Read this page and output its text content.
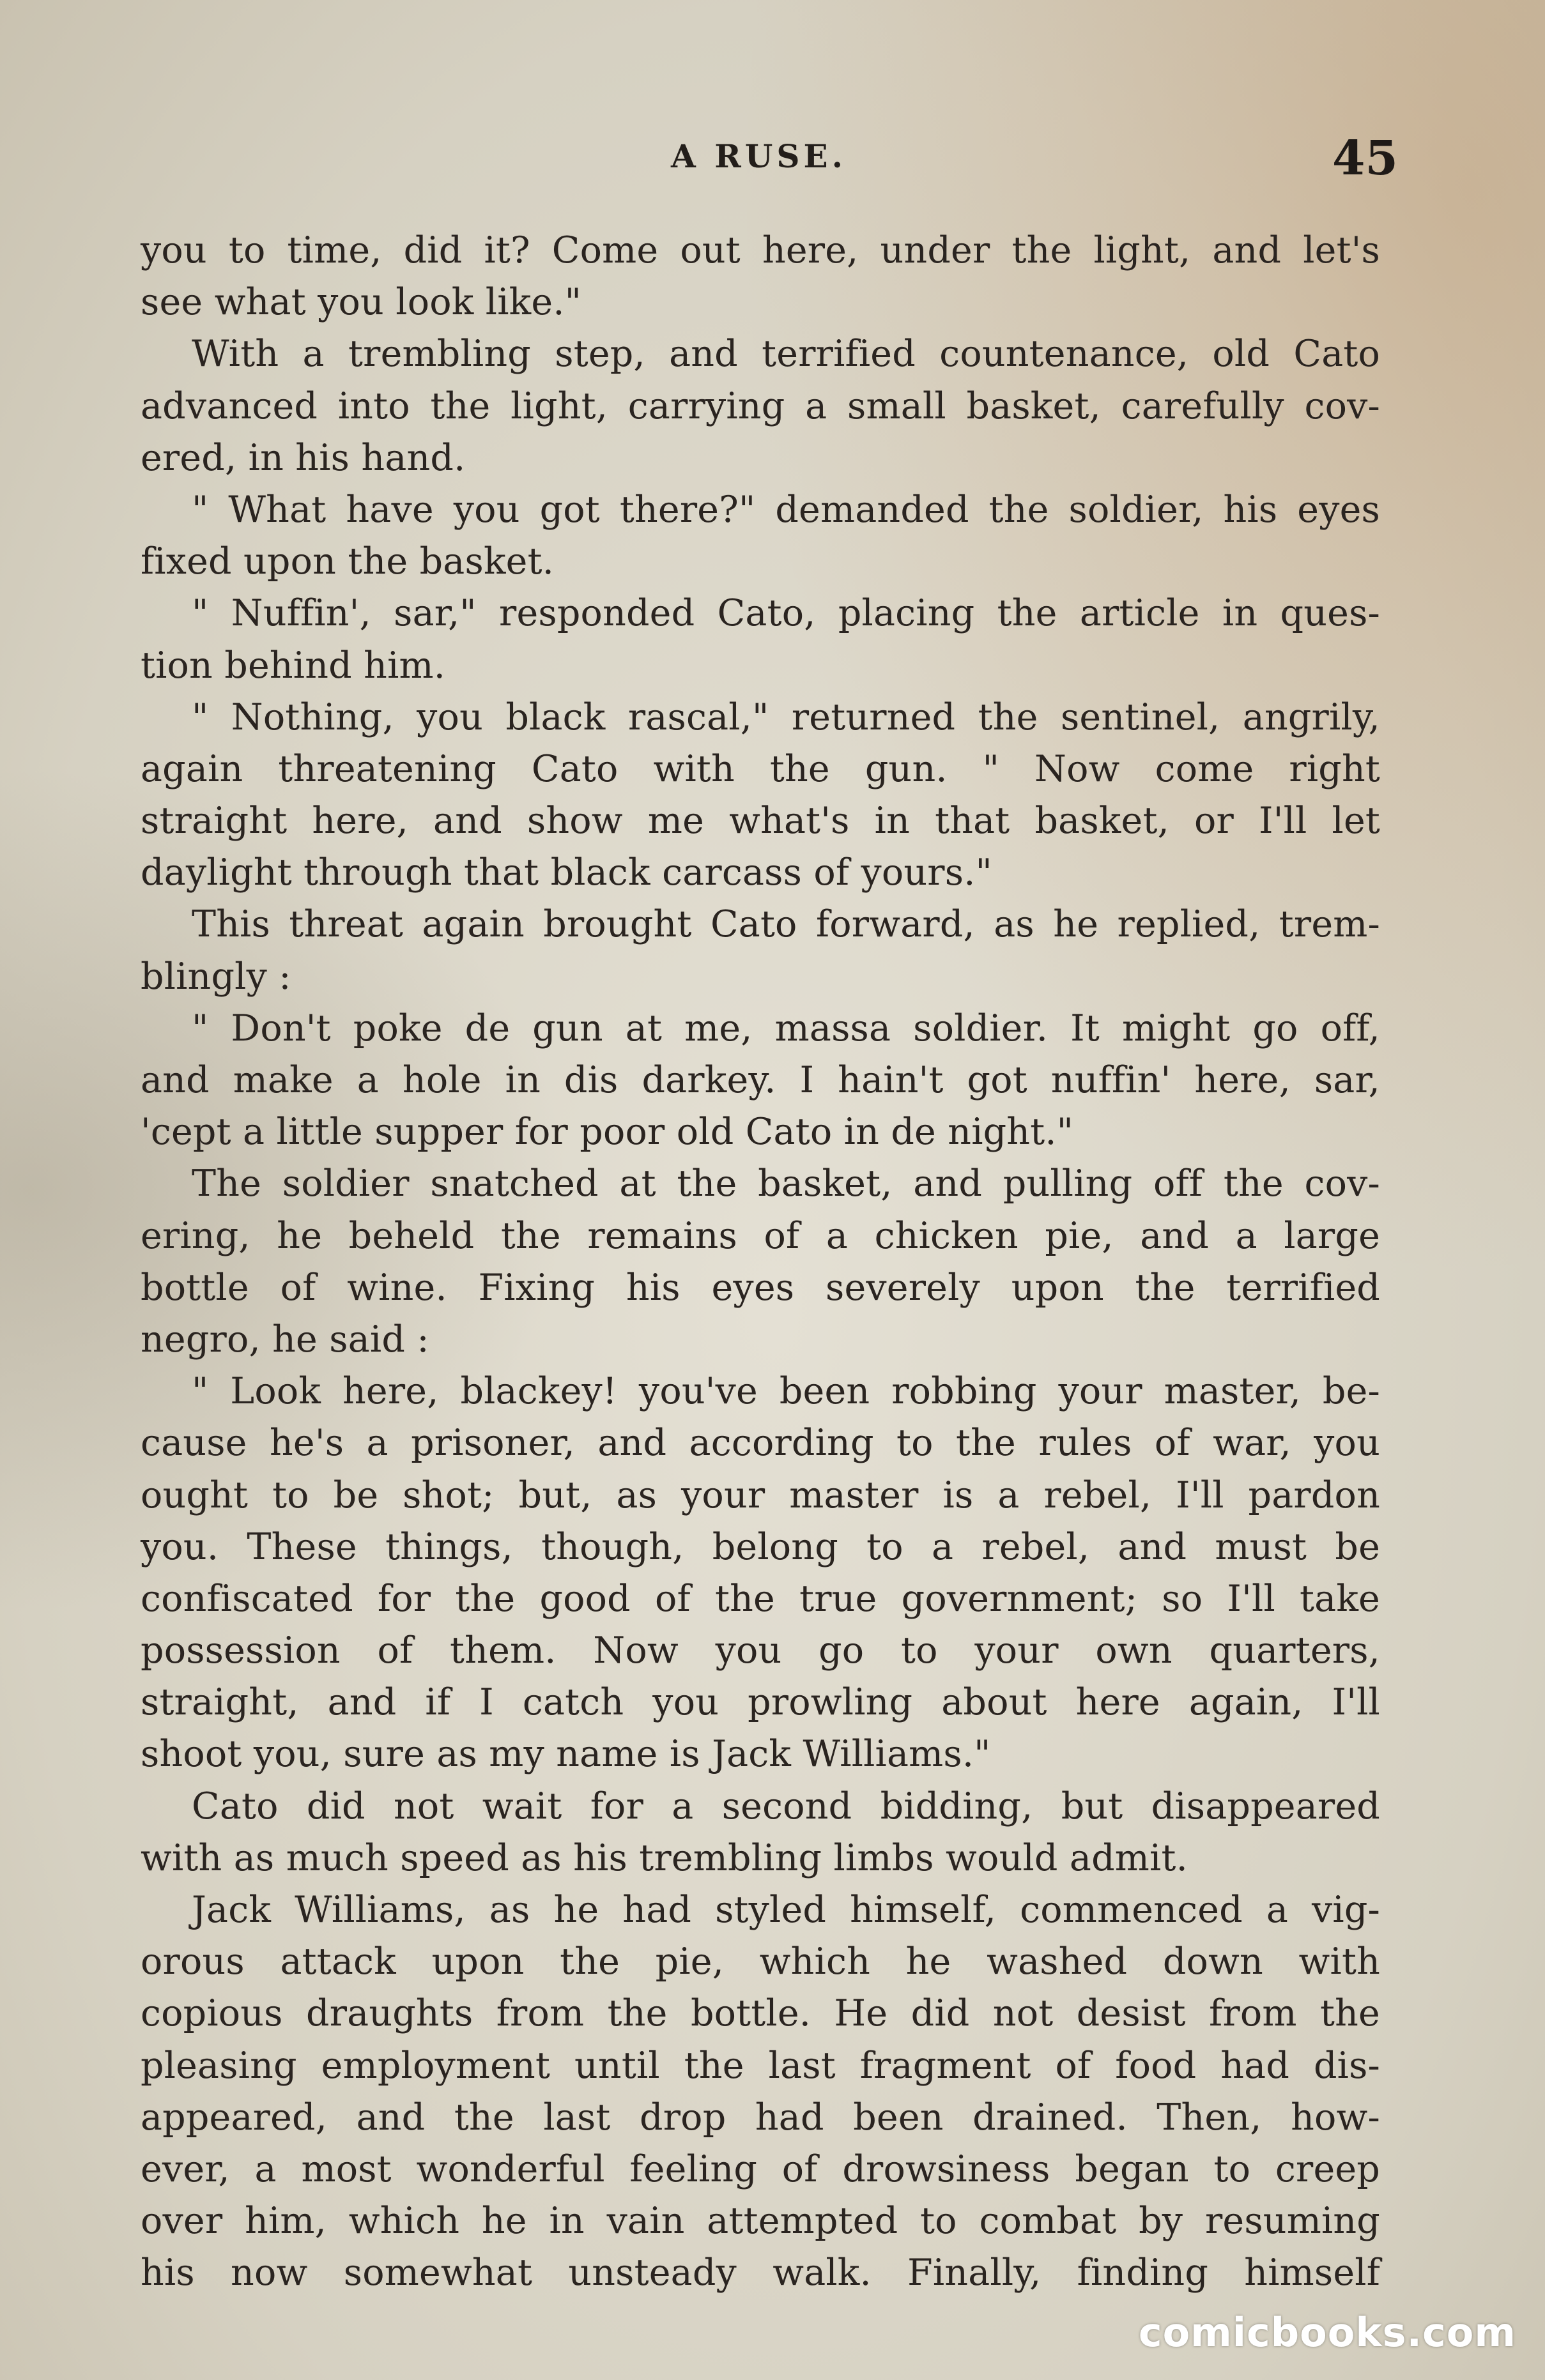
A RUSE.	45
you to time, did it? Come out here, under the light, and let's
see what you look like."
With a trembling step, and terrified countenance, old Cato
advanced into the light, carrying a small basket, carefully cov-
ered, in his hand.
" What have you got there?" demanded the soldier, his eyes
fixed upon the basket.
" Nuffin', sar," responded Cato, placing the article in ques-
tion behind him.
" Nothing, you black rascal," returned the sentinel, angrily,
again threatening Cato with the gun. " Now come right
straight here, and show me what's in that basket, or I'll let
daylight through that black carcass of yours."
This threat again brought Cato forward, as he replied, trem-
blingly :
" Don't poke de gun at me, massa soldier. It might go off,
and make a hole in dis darkey. I hain't got nuffin' here, sar,
'cept a little supper for poor old Cato in de night."
The soldier snatched at the basket, and pulling off the cov-
ering, he beheld the remains of a chicken pie, and a large
bottle of wine. Fixing his eyes severely upon the terrified
negro, he said :
" Look here, blackey! you've been robbing your master, be-
cause he's a prisoner, and according to the rules of war, you
ought to be shot; but, as your master is a rebel, I'll pardon
you. These things, though, belong to a rebel, and must be
confiscated for the good of the true government; so I'll take
possession of them. Now you go to your own quarters,
straight, and if I catch you prowling about here again, I'll
shoot you, sure as my name is Jack Williams."
Cato did not wait for a second bidding, but disappeared
with as much speed as his trembling limbs would admit.
Jack Williams, as he had styled himself, commenced a vig-
orous attack upon the pie, which he washed down with
copious draughts from the bottle. He did not desist from the
pleasing employment until the last fragment of food had dis-
appeared, and the last drop had been drained. Then, how-
ever, a most wonderful feeling of drowsiness began to creep
over him, which he in vain attempted to combat by resuming
his now somewhat unsteady walk. Finally, finding himself
comicbooks.com
